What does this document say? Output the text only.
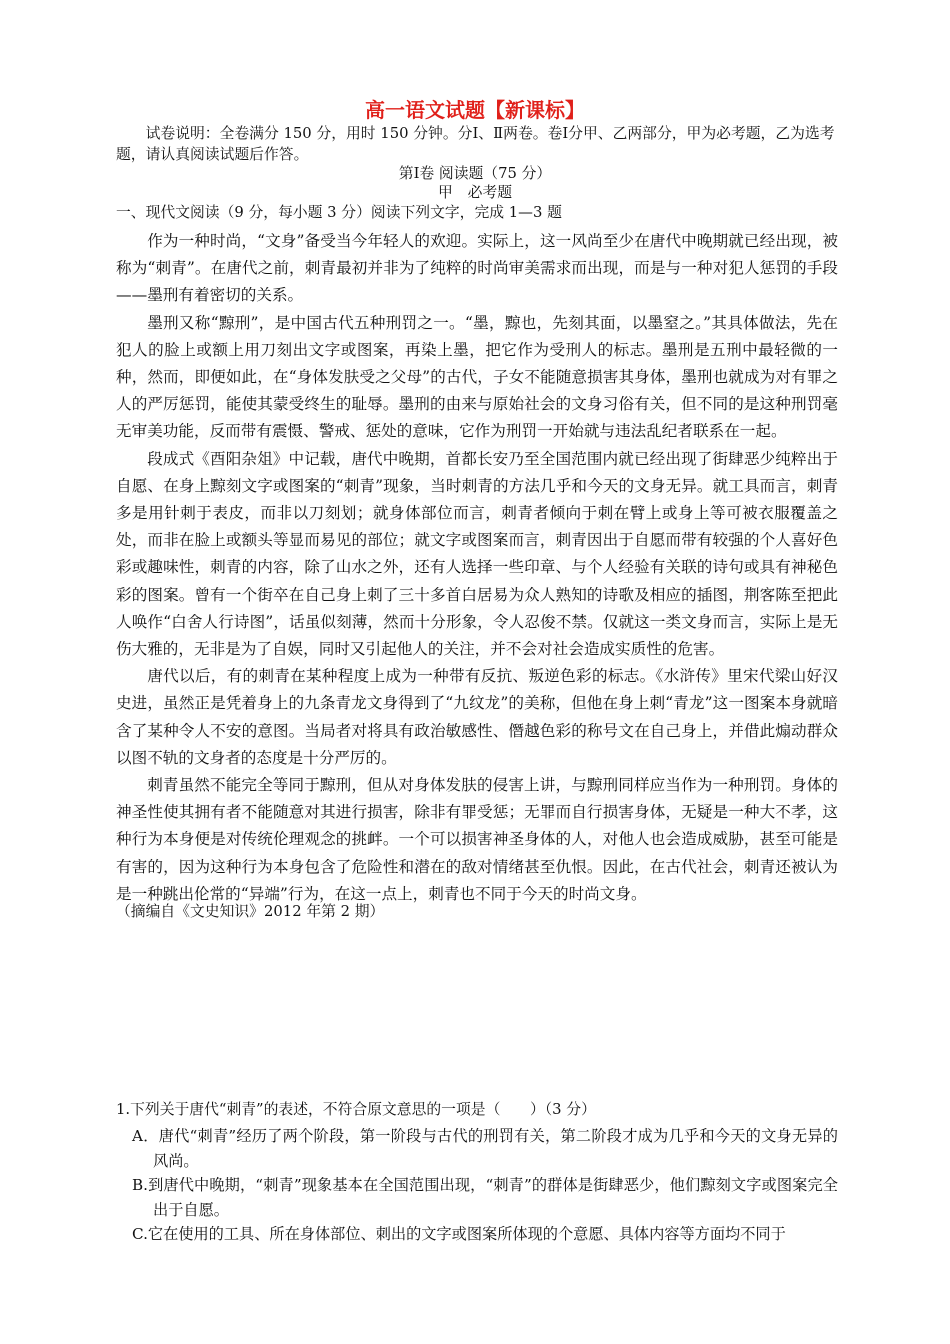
高一语文试题【新课标】
试卷说明：全卷满分 150 分，用时 150 分钟。分Ⅰ、Ⅱ两卷。卷Ⅰ分甲、乙两部分，甲为必考题，乙为选考题，请认真阅读试题后作答。
第Ⅰ卷 阅读题（75 分）
甲　必考题
一、现代文阅读（9 分，每小题 3 分）阅读下列文字，完成 1—3 题

作为一种时尚，“文身”备受当今年轻人的欢迎。实际上，这一风尚至少在唐代中晚期就已经出现，被称为“刺青”。在唐代之前，刺青最初并非为了纯粹的时尚审美需求而出现，而是与一种对犯人惩罚的手段——墨刑有着密切的关系。

墨刑又称“黥刑”，是中国古代五种刑罚之一。“墨，黥也，先刻其面，以墨窒之。”其具体做法，先在犯人的脸上或额上用刀刻出文字或图案，再染上墨，把它作为受刑人的标志。墨刑是五刑中最轻微的一种，然而，即便如此，在“身体发肤受之父母”的古代，子女不能随意损害其身体，墨刑也就成为对有罪之人的严厉惩罚，能使其蒙受终生的耻辱。墨刑的由来与原始社会的文身习俗有关，但不同的是这种刑罚毫无审美功能，反而带有震慑、警戒、惩处的意味，它作为刑罚一开始就与违法乱纪者联系在一起。

段成式《酉阳杂俎》中记载，唐代中晚期，首都长安乃至全国范围内就已经出现了街肆恶少纯粹出于自愿、在身上黥刻文字或图案的“刺青”现象，当时刺青的方法几乎和今天的文身无异。就工具而言，刺青多是用针刺于表皮，而非以刀刻划；就身体部位而言，刺青者倾向于刺在臂上或身上等可被衣服覆盖之处，而非在脸上或额头等显而易见的部位；就文字或图案而言，刺青因出于自愿而带有较强的个人喜好色彩或趣味性，刺青的内容，除了山水之外，还有人选择一些印章、与个人经验有关联的诗句或具有神秘色彩的图案。曾有一个街卒在自己身上刺了三十多首白居易为众人熟知的诗歌及相应的插图，荆客陈至把此人唤作“白舍人行诗图”，话虽似刻薄，然而十分形象，令人忍俊不禁。仅就这一类文身而言，实际上是无伤大雅的，无非是为了自娱，同时又引起他人的关注，并不会对社会造成实质性的危害。

唐代以后，有的刺青在某种程度上成为一种带有反抗、叛逆色彩的标志。《水浒传》里宋代梁山好汉史进，虽然正是凭着身上的九条青龙文身得到了“九纹龙”的美称，但他在身上刺“青龙”这一图案本身就暗含了某种令人不安的意图。当局者对将具有政治敏感性、僭越色彩的称号文在自己身上，并借此煽动群众以图不轨的文身者的态度是十分严厉的。

刺青虽然不能完全等同于黥刑，但从对身体发肤的侵害上讲，与黥刑同样应当作为一种刑罚。身体的神圣性使其拥有者不能随意对其进行损害，除非有罪受惩；无罪而自行损害身体，无疑是一种大不孝，这种行为本身便是对传统伦理观念的挑衅。一个可以损害神圣身体的人，对他人也会造成威胁，甚至可能是有害的，因为这种行为本身包含了危险性和潜在的敌对情绪甚至仇恨。因此，在古代社会，刺青还被认为是一种跳出伦常的“异端”行为，在这一点上，刺青也不同于今天的时尚文身。

（摘编自《文史知识》2012 年第 2 期）
1.下列关于唐代“刺青”的表述，不符合原文意思的一项是（　　）（3 分）
A．唐代“刺青”经历了两个阶段，第一阶段与古代的刑罚有关，第二阶段才成为几乎和今天的文身无异的风尚。
B.到唐代中晚期，“刺青”现象基本在全国范围出现，“刺青”的群体是街肆恶少，他们黥刻文字或图案完全出于自愿。
C.它在使用的工具、所在身体部位、刺出的文字或图案所体现的个意愿、具体内容等方面均不同于
